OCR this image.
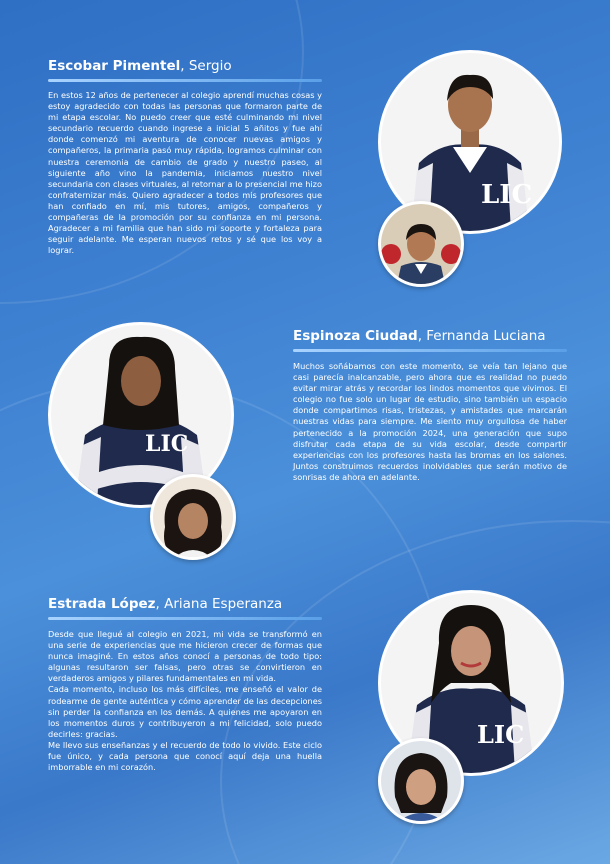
Escobar Pimentel, Sergio

En estos 12 años de pertenecer al colegio aprendí muchas cosas y estoy agradecido con todas las personas que formaron parte de mi etapa escolar. No puedo creer que esté culminando mi nivel secundario recuerdo cuando ingrese a inicial 5 añitos y fue ahí donde comenzó mi aventura de conocer nuevas amigos y compañeros, la primaria pasó muy rápida, logramos culminar con nuestra ceremonia de cambio de grado y nuestro paseo, al siguiente año vino la pandemia, iniciamos nuestro nivel secundaria con clases virtuales, al retornar a lo presencial me hizo confraternizar más. Quiero agradecer a todos mis profesores que han confiado en mí, mis tutores, amigos, compañeros y compañeras de la promoción por su confianza en mi persona. Agradecer a mi familia que han sido mi soporte y fortaleza para seguir adelante. Me esperan nuevos retos y sé que los voy a lograr.

LIC
Espinoza Ciudad, Fernanda Luciana

Muchos soñábamos con este momento, se veía tan lejano que casi parecía inalcanzable, pero ahora que es realidad no puedo evitar mirar atrás y recordar los lindos momentos que vivimos. El colegio no fue solo un lugar de estudio, sino también un espacio donde compartimos risas, tristezas, y amistades que marcarán nuestras vidas para siempre. Me siento muy orgullosa de haber pertenecido a la promoción 2024, una generación que supo disfrutar cada etapa de su vida escolar, desde compartir experiencias con los profesores hasta las bromas en los salones. Juntos construimos recuerdos inolvidables que serán motivo de sonrisas de ahora en adelante.

LIC
Estrada López, Ariana Esperanza

Desde que llegué al colegio en 2021, mi vida se transformó en una serie de experiencias que me hicieron crecer de formas que nunca imaginé. En estos años conocí a personas de todo tipo: algunas resultaron ser falsas, pero otras se convirtieron en verdaderos amigos y pilares fundamentales en mi vida.

Cada momento, incluso los más difíciles, me enseñó el valor de rodearme de gente auténtica y cómo aprender de las decepciones sin perder la confianza en los demás. A quienes me apoyaron en los momentos duros y contribuyeron a mi felicidad, solo puedo decirles: gracias.

Me llevo sus enseñanzas y el recuerdo de todo lo vivido. Este ciclo fue único, y cada persona que conocí aquí deja una huella imborrable en mi corazón.

LIC
